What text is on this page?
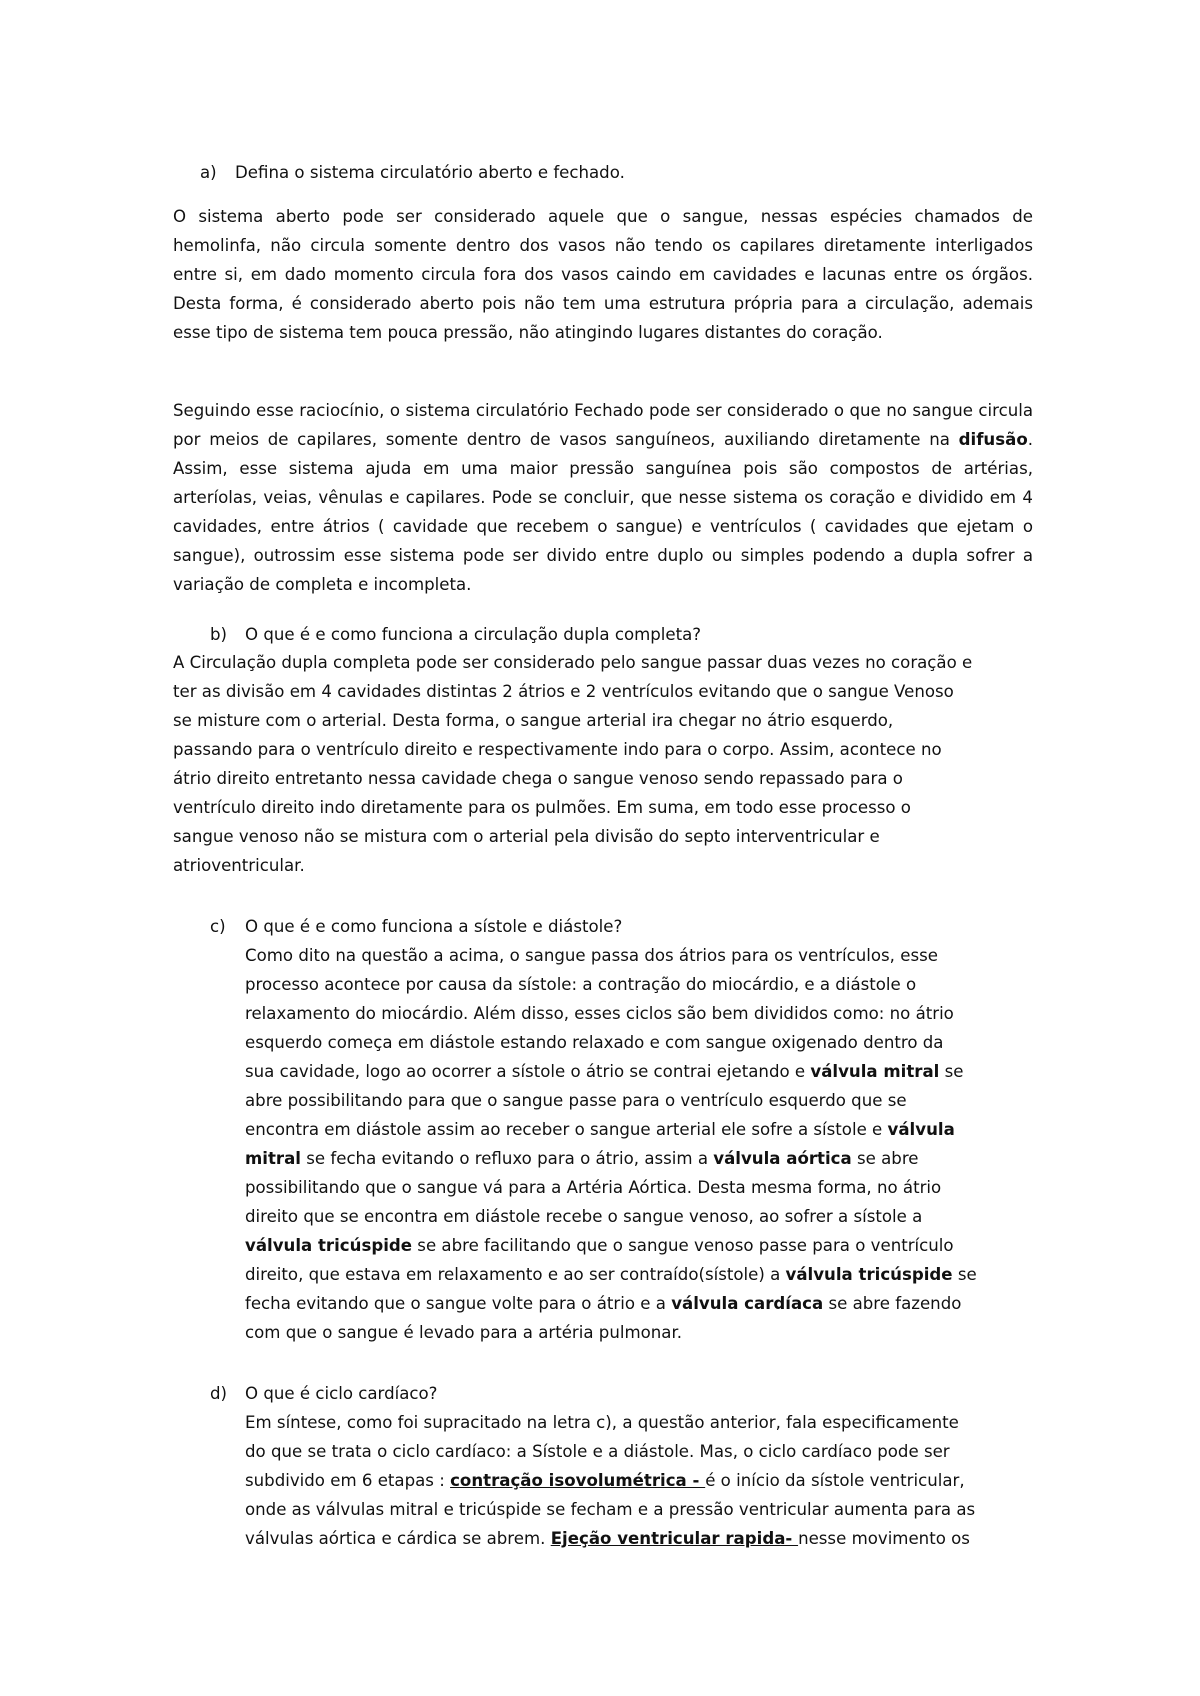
a) Defina o sistema circulatório aberto e fechado.

O sistema aberto pode ser considerado aquele que o sangue, nessas espécies chamados de hemolinfa, não circula somente dentro dos vasos não tendo os capilares diretamente interligados entre si, em dado momento circula fora dos vasos caindo em cavidades e lacunas entre os órgãos. Desta forma, é considerado aberto pois não tem uma estrutura própria para a circulação, ademais esse tipo de sistema tem pouca pressão, não atingindo lugares distantes do coração.

Seguindo esse raciocínio, o sistema circulatório Fechado pode ser considerado o que no sangue circula por meios de capilares, somente dentro de vasos sanguíneos, auxiliando diretamente na difusão. Assim, esse sistema ajuda em uma maior pressão sanguínea pois são compostos de artérias, arteríolas, veias, vênulas e capilares. Pode se concluir, que nesse sistema os coração e dividido em 4 cavidades, entre átrios ( cavidade que recebem o sangue) e ventrículos ( cavidades que ejetam o sangue), outrossim esse sistema pode ser divido entre duplo ou simples podendo a dupla sofrer a variação de completa e incompleta.

b) O que é e como funciona a circulação dupla completa?
A Circulação dupla completa pode ser considerado pelo sangue passar duas vezes no coração e
ter as divisão em 4 cavidades distintas 2 átrios e 2 ventrículos evitando que o sangue Venoso
se misture com o arterial. Desta forma, o sangue arterial ira chegar no átrio esquerdo,
passando para o ventrículo direito e respectivamente indo para o corpo. Assim, acontece no
átrio direito entretanto nessa cavidade chega o sangue venoso sendo repassado para o
ventrículo direito indo diretamente para os pulmões. Em suma, em todo esse processo o
sangue venoso não se mistura com o arterial pela divisão do septo interventricular e
atrioventricular.
c) O que é e como funciona a sístole e diástole?
Como dito na questão a acima, o sangue passa dos átrios para os ventrículos, esse
processo acontece por causa da sístole: a contração do miocárdio, e a diástole o
relaxamento do miocárdio. Além disso, esses ciclos são bem divididos como: no átrio
esquerdo começa em diástole estando relaxado e com sangue oxigenado dentro da
sua cavidade, logo ao ocorrer a sístole o átrio se contrai ejetando e válvula mitral se
abre possibilitando para que o sangue passe para o ventrículo esquerdo que se
encontra em diástole assim ao receber o sangue arterial ele sofre a sístole e válvula
mitral se fecha evitando o refluxo para o átrio, assim a válvula aórtica se abre
possibilitando que o sangue vá para a Artéria Aórtica. Desta mesma forma, no átrio
direito que se encontra em diástole recebe o sangue venoso, ao sofrer a sístole a
válvula tricúspide se abre facilitando que o sangue venoso passe para o ventrículo
direito, que estava em relaxamento e ao ser contraído(sístole) a válvula tricúspide se
fecha evitando que o sangue volte para o átrio e a válvula cardíaca se abre fazendo
com que o sangue é levado para a artéria pulmonar.
d) O que é ciclo cardíaco?
Em síntese, como foi supracitado na letra c), a questão anterior, fala especificamente
do que se trata o ciclo cardíaco: a Sístole e a diástole. Mas, o ciclo cardíaco pode ser
subdivido em 6 etapas : contração isovolumétrica - é o início da sístole ventricular,
onde as válvulas mitral e tricúspide se fecham e a pressão ventricular aumenta para as
válvulas aórtica e cárdica se abrem. Ejeção ventricular rapida- nesse movimento os
